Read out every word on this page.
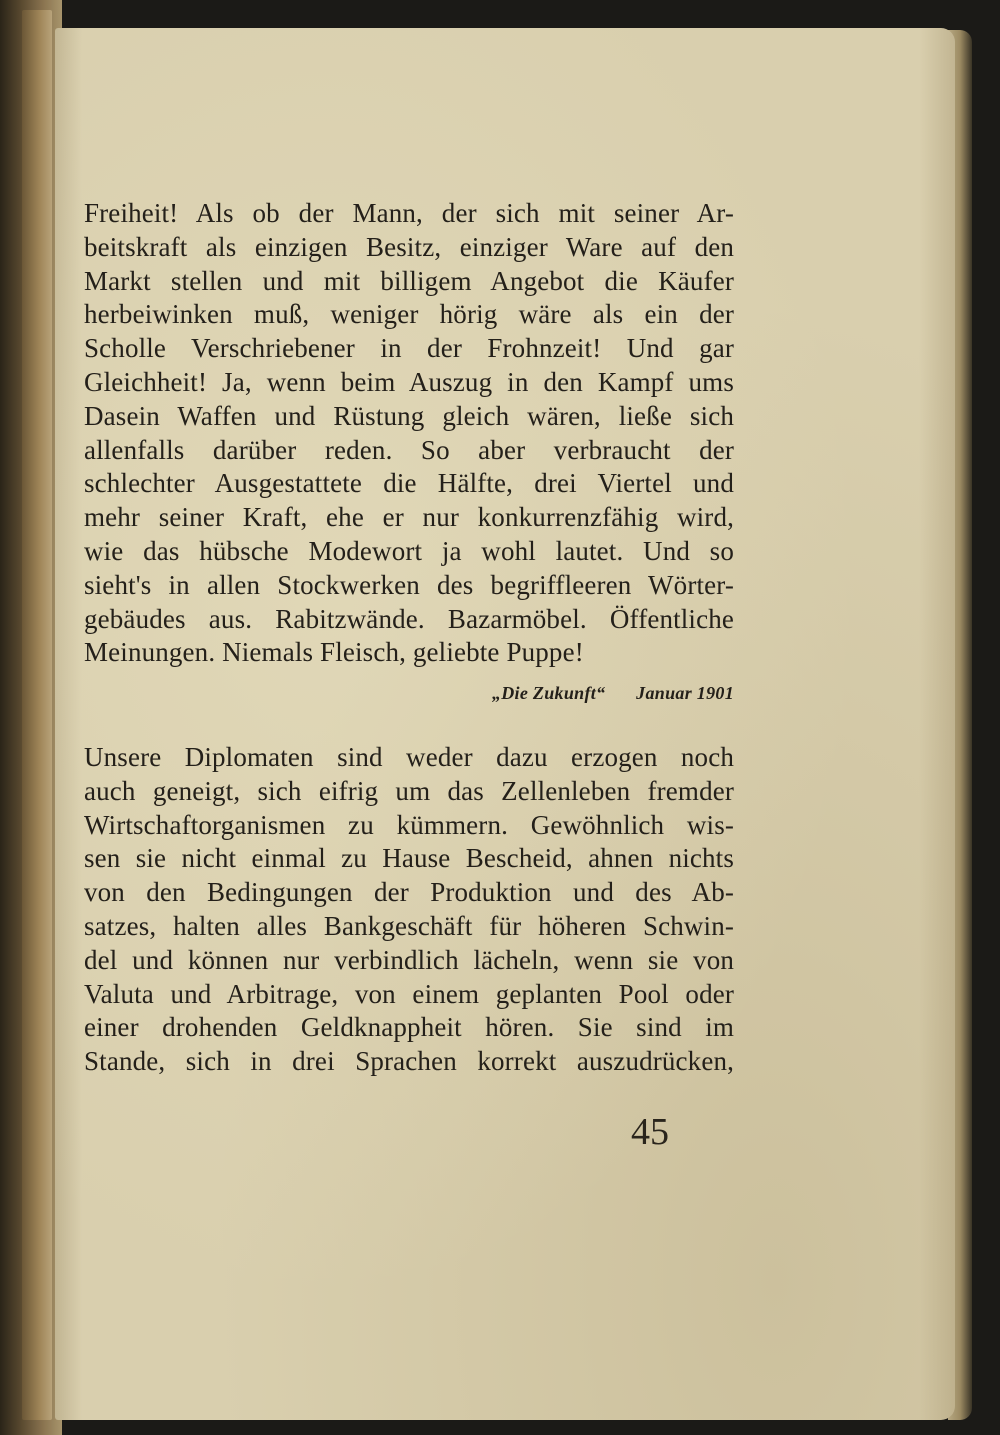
Freiheit! Als ob der Mann, der sich mit seiner Ar-
beitskraft als einzigen Besitz, einziger Ware auf den
Markt stellen und mit billigem Angebot die Käufer
herbeiwinken muß, weniger hörig wäre als ein der
Scholle Verschriebener in der Frohnzeit! Und gar
Gleichheit! Ja, wenn beim Auszug in den Kampf ums
Dasein Waffen und Rüstung gleich wären, ließe sich
allenfalls darüber reden. So aber verbraucht der
schlechter Ausgestattete die Hälfte, drei Viertel und
mehr seiner Kraft, ehe er nur konkurrenzfähig wird,
wie das hübsche Modewort ja wohl lautet. Und so
sieht's in allen Stockwerken des begriffleeren Wörter-
gebäudes aus. Rabitzwände. Bazarmöbel. Öffentliche
Meinungen. Niemals Fleisch, geliebte Puppe!
„Die Zukunft“ Januar 1901
Unsere Diplomaten sind weder dazu erzogen noch
auch geneigt, sich eifrig um das Zellenleben fremder
Wirtschaftorganismen zu kümmern. Gewöhnlich wis-
sen sie nicht einmal zu Hause Bescheid, ahnen nichts
von den Bedingungen der Produktion und des Ab-
satzes, halten alles Bankgeschäft für höheren Schwin-
del und können nur verbindlich lächeln, wenn sie von
Valuta und Arbitrage, von einem geplanten Pool oder
einer drohenden Geldknappheit hören. Sie sind im
Stande, sich in drei Sprachen korrekt auszudrücken,
45
